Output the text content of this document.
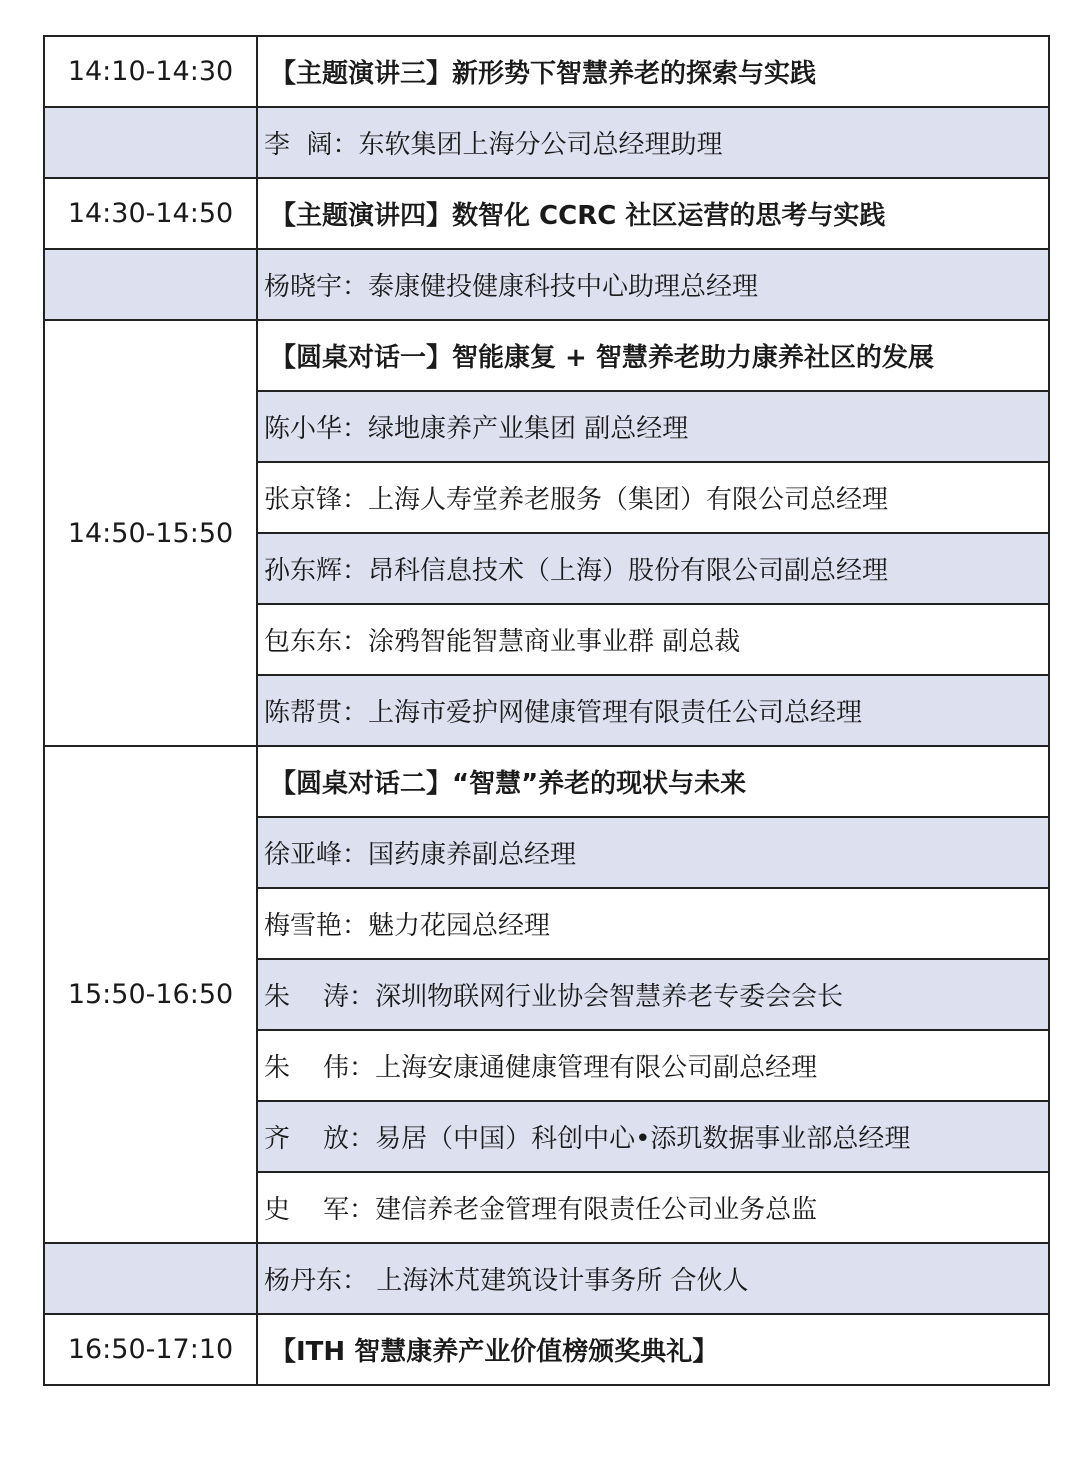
14:10-14:30	【主题演讲三】新形势下智慧养老的探索与实践
	李  阔：东软集团上海分公司总经理助理
14:30-14:50	【主题演讲四】数智化 CCRC 社区运营的思考与实践
	杨晓宇：泰康健投健康科技中心助理总经理
14:50-15:50	【圆桌对话一】智能康复 + 智慧养老助力康养社区的发展
	陈小华：绿地康养产业集团 副总经理
	张京锋：上海人寿堂养老服务（集团）有限公司总经理
	孙东辉：昂科信息技术（上海）股份有限公司副总经理
	包东东：涂鸦智能智慧商业事业群 副总裁
	陈帮贯：上海市爱护网健康管理有限责任公司总经理
15:50-16:50	【圆桌对话二】“智慧”养老的现状与未来
	徐亚峰：国药康养副总经理
	梅雪艳：魅力花园总经理
	朱    涛：深圳物联网行业协会智慧养老专委会会长
	朱    伟：上海安康通健康管理有限公司副总经理
	齐    放：易居（中国）科创中心•添玑数据事业部总经理
	史    军：建信养老金管理有限责任公司业务总监
	杨丹东： 上海沐芃建筑设计事务所 合伙人
16:50-17:10	【ITH 智慧康养产业价值榜颁奖典礼】
